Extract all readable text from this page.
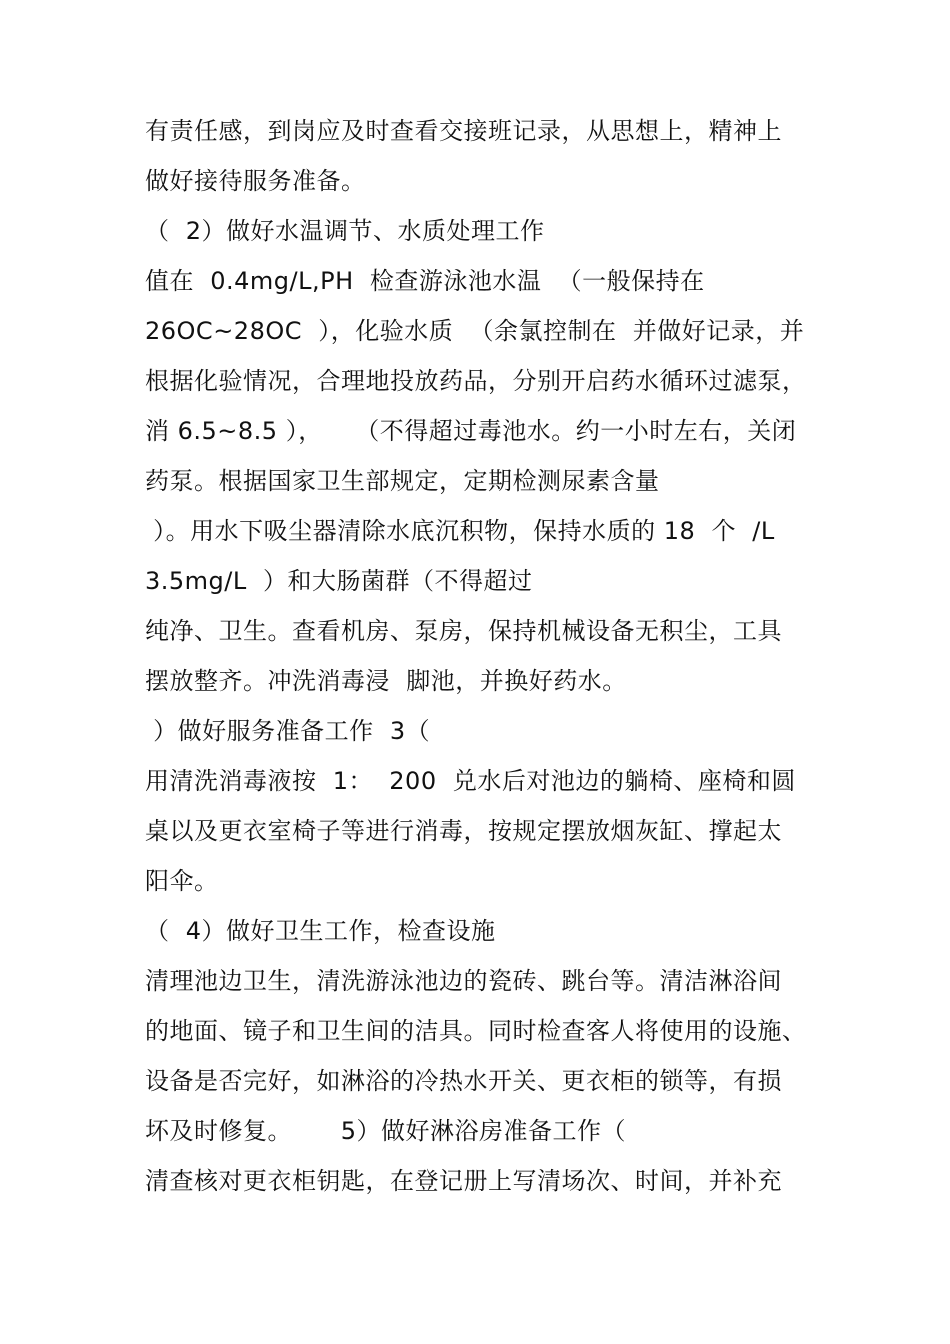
有责任感，到岗应及时查看交接班记录，从思想上，精神上
做好接待服务准备。
（  2）做好水温调节、水质处理工作
值在  0.4mg/L,PH  检查游泳池水温  （一般保持在
26OC~28OC  ），化验水质  （余氯控制在  并做好记录，并
根据化验情况，合理地投放药品，分别开启药水循环过滤泵，
消 6.5~8.5 ），    （不得超过毒池水。约一小时左右，关闭
药泵。根据国家卫生部规定，定期检测尿素含量
）。用水下吸尘器清除水底沉积物，保持水质的 18  个  /L
3.5mg/L  ）和大肠菌群（不得超过
纯净、卫生。查看机房、泵房，保持机械设备无积尘，工具
摆放整齐。冲洗消毒浸  脚池，并换好药水。
）做好服务准备工作  3（
用清洗消毒液按  1：  200  兑水后对池边的躺椅、座椅和圆
桌以及更衣室椅子等进行消毒，按规定摆放烟灰缸、撑起太
阳伞。
（  4）做好卫生工作，检查设施
清理池边卫生，清洗游泳池边的瓷砖、跳台等。清洁淋浴间
的地面、镜子和卫生间的洁具。同时检查客人将使用的设施、
设备是否完好，如淋浴的冷热水开关、更衣柜的锁等，有损
坏及时修复。      5）做好淋浴房准备工作（
清查核对更衣柜钥匙，在登记册上写清场次、时间，并补充
